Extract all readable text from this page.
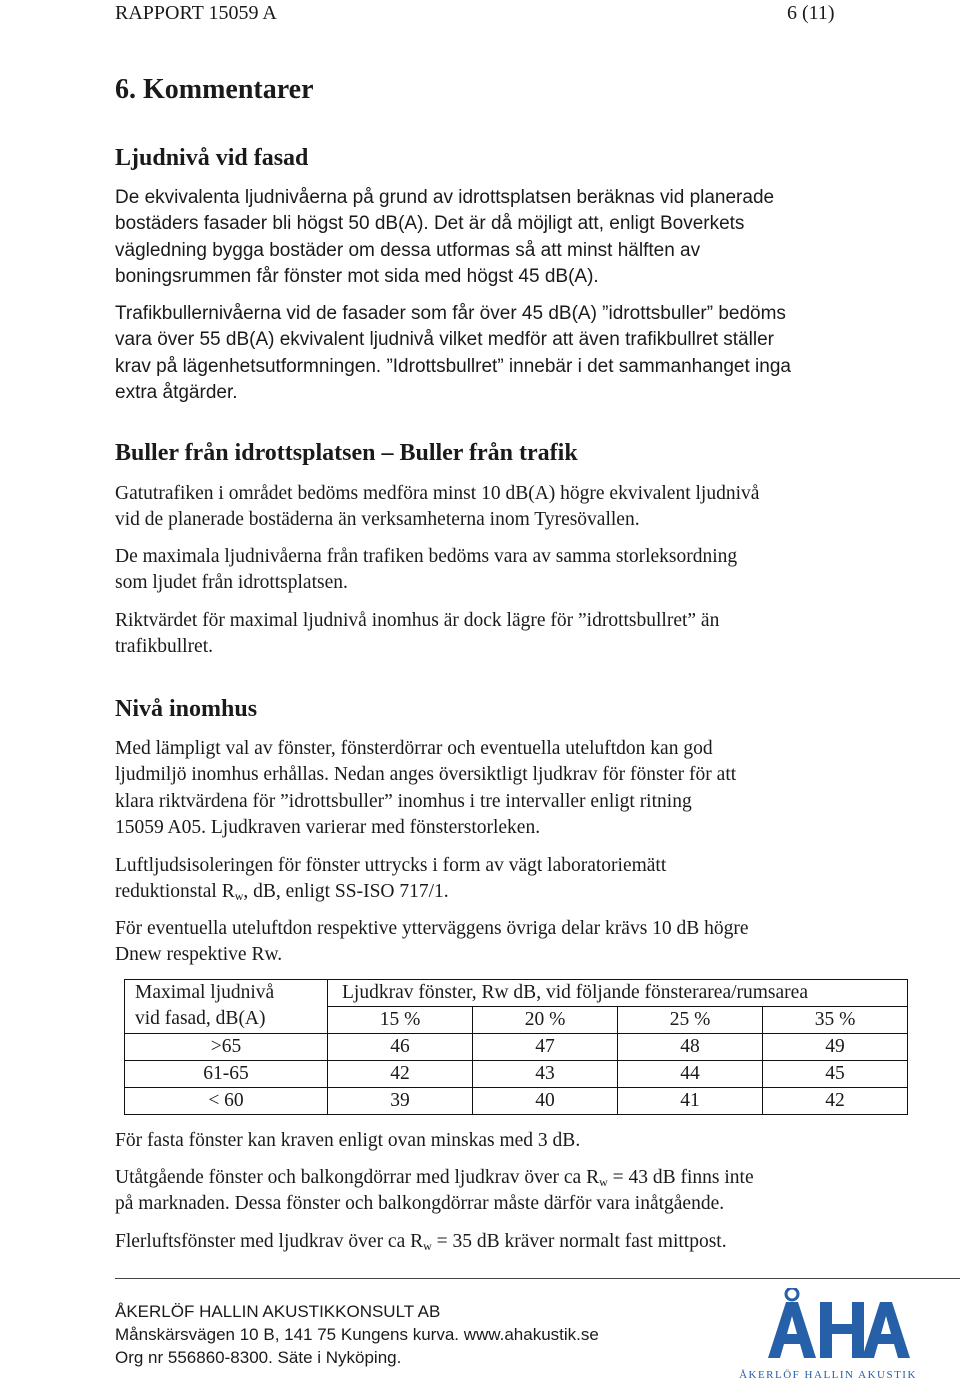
RAPPORT 15059 A	6 (11)
6. Kommentarer
Ljudnivå vid fasad
De ekvivalenta ljudnivåerna på grund av idrottsplatsen beräknas vid planerade
bostäders fasader bli högst 50 dB(A). Det är då möjligt att, enligt Boverkets
vägledning bygga bostäder om dessa utformas så att minst hälften av
boningsrummen får fönster mot sida med högst 45 dB(A).
Trafikbullernivåerna vid de fasader som får över 45 dB(A) ”idrottsbuller” bedöms
vara över 55 dB(A) ekvivalent ljudnivå vilket medför att även trafikbullret ställer
krav på lägenhetsutformningen. ”Idrottsbullret” innebär i det sammanhanget inga
extra åtgärder.
Buller från idrottsplatsen – Buller från trafik
Gatutrafiken i området bedöms medföra minst 10 dB(A) högre ekvivalent ljudnivå
vid de planerade bostäderna än verksamheterna inom Tyresövallen.
De maximala ljudnivåerna från trafiken bedöms vara av samma storleksordning
som ljudet från idrottsplatsen.
Riktvärdet för maximal ljudnivå inomhus är dock lägre för ”idrottsbullret” än
trafikbullret.
Nivå inomhus
Med lämpligt val av fönster, fönsterdörrar och eventuella uteluftdon kan god
ljudmiljö inomhus erhållas. Nedan anges översiktligt ljudkrav för fönster för att
klara riktvärdena för ”idrottsbuller” inomhus i tre intervaller enligt ritning
15059 A05. Ljudkraven varierar med fönsterstorleken.
Luftljudsisoleringen för fönster uttrycks i form av vägt laboratoriemätt
reduktionstal $R_w$, dB, enligt SS-ISO 717/1.
För eventuella uteluftdon respektive ytterväggens övriga delar krävs 10 dB högre
Dnew respektive Rw.
Maximal ljudnivå
vid fasad, dB(A)	Ljudkrav fönster, Rw dB, vid följande fönsterarea/rumsarea			
	15 %	20 %	25 %	35 %
>65	46	47	48	49
61-65	42	43	44	45
< 60	39	40	41	42
För fasta fönster kan kraven enligt ovan minskas med 3 dB.
Utåtgående fönster och balkongdörrar med ljudkrav över ca $R_w = 43$ dB finns inte
på marknaden. Dessa fönster och balkongdörrar måste därför vara inåtgående.
Flerluftsfönster med ljudkrav över ca $R_w = 35$ dB kräver normalt fast mittpost.
ÅKERLÖF HALLIN AKUSTIKKONSULT AB
Månskärsvägen 10 B, 141 75 Kungens kurva. www.ahakustik.se
Org nr 556860-8300. Säte i Nyköping.
ÅKERLÖF HALLIN AKUSTIK
